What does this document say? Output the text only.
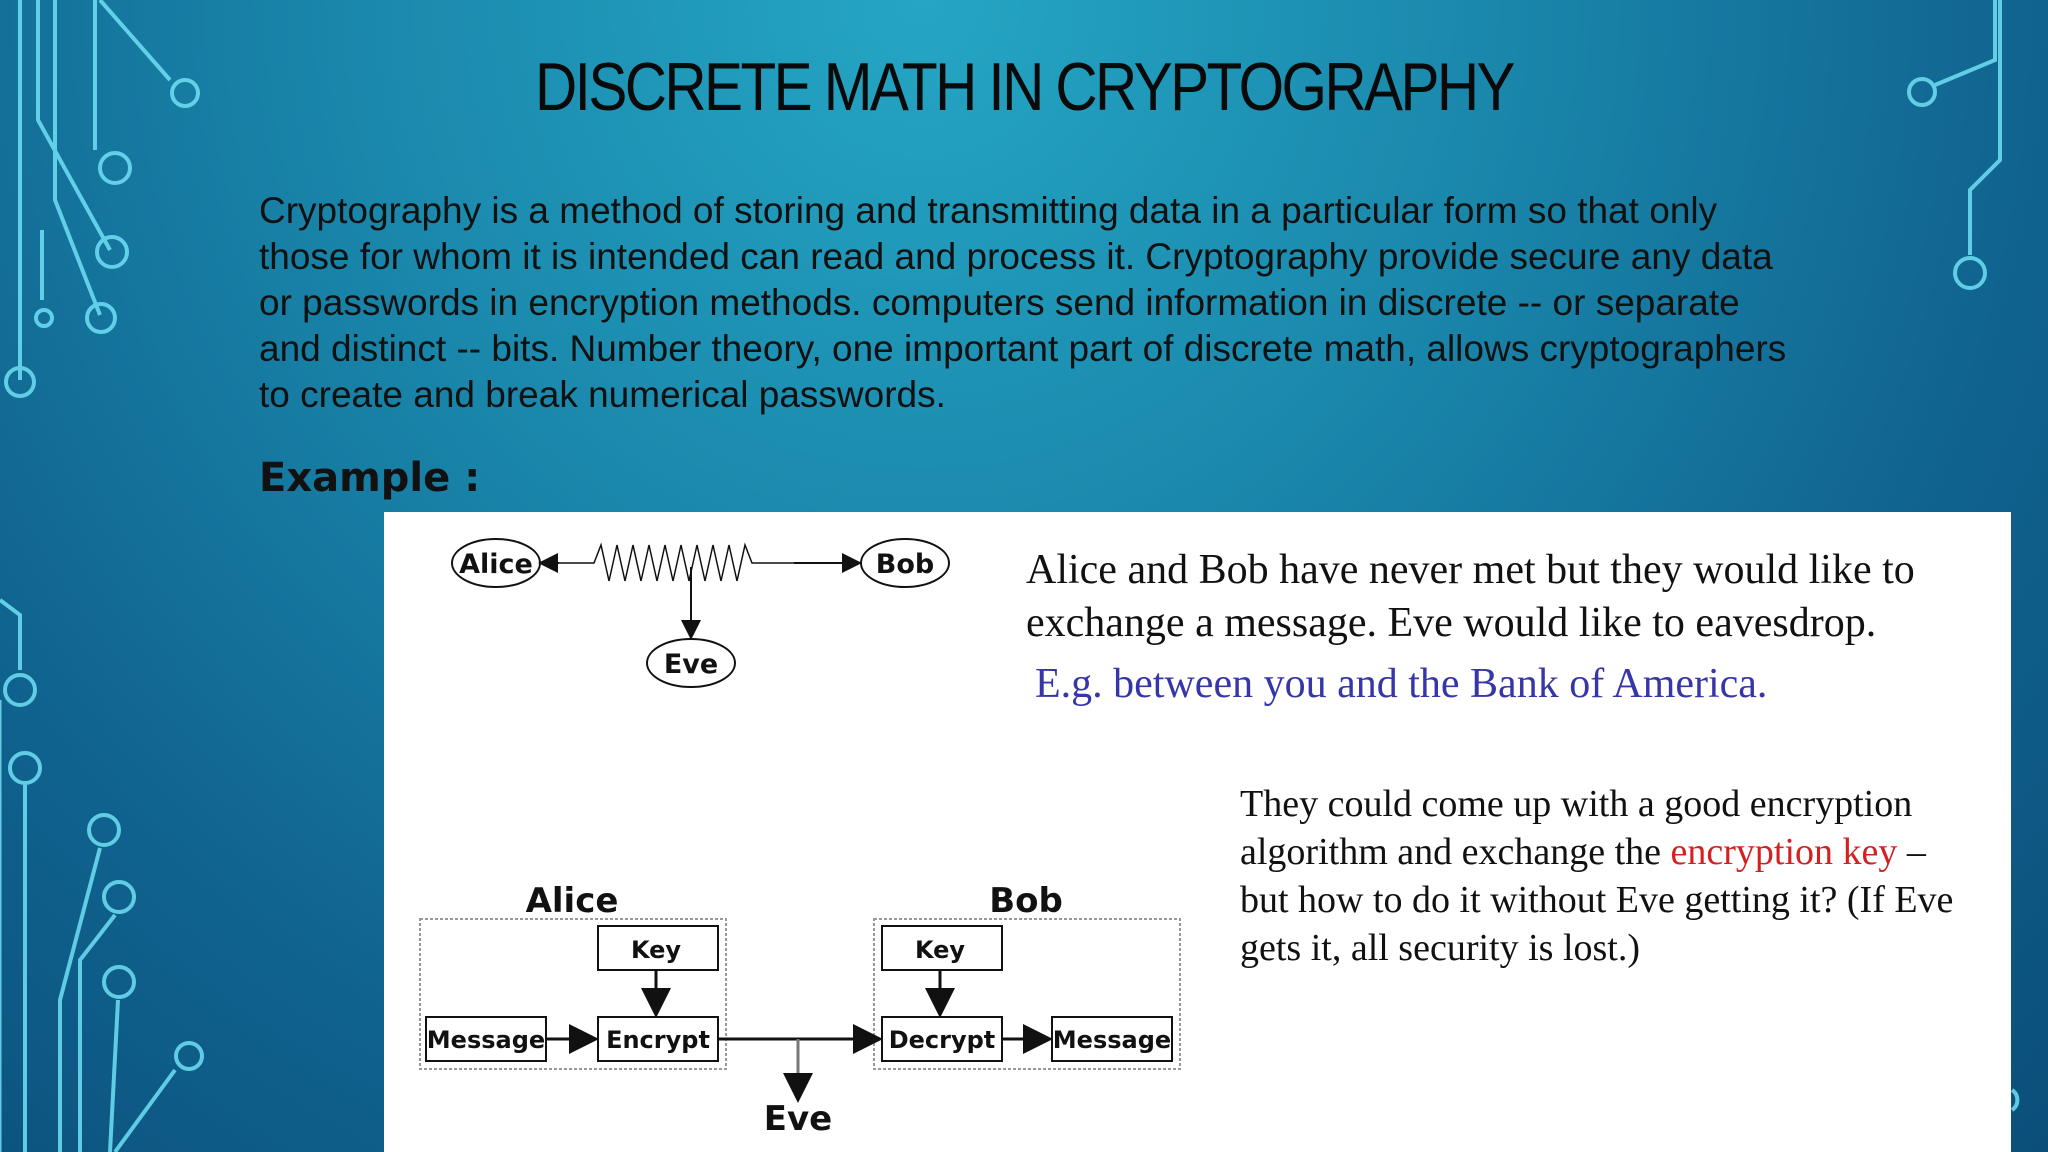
DISCRETE MATH IN CRYPTOGRAPHY

Cryptography is a method of storing and transmitting data in a particular form so that only those for whom it is intended can read and process it. Cryptography provide secure any data or passwords in encryption methods. computers send information in discrete -- or separate and distinct -- bits. Number theory, one important part of discrete math, allows cryptographers to create and break numerical passwords.

Example :

Alice	Bob
Eve
Alice	Bob
Key	Key
Message	Encrypt	Decrypt Message
Eve

Alice and Bob have never met but they would like to exchange a message. Eve would like to eavesdrop.

E.g. between you and the Bank of America.

They could come up with a good encryption algorithm and exchange the encryption key – but how to do it without Eve getting it? (If Eve gets it, all security is lost.)
